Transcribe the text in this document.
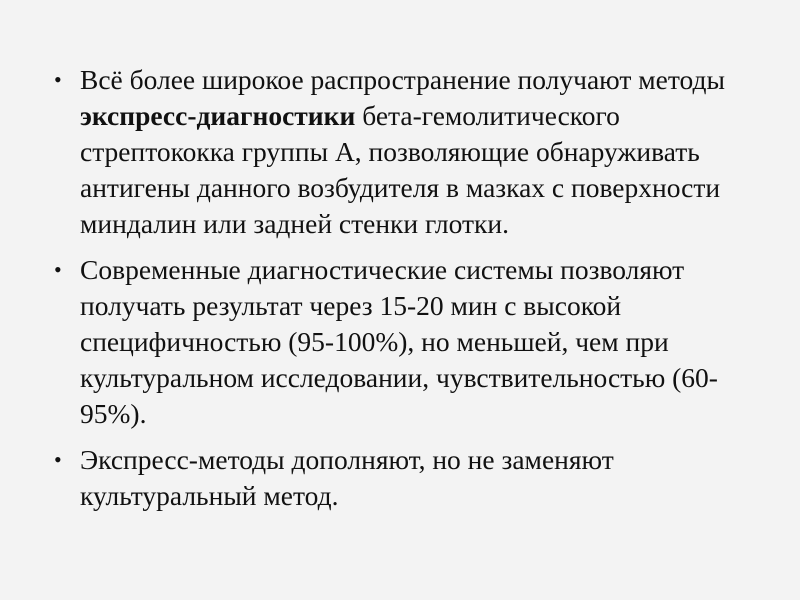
• Всё более широкое распространение получают методы экспресс-диагностики бета-гемолитического стрептококка группы А, позволяющие обнаруживать антигены данного возбудителя в мазках с поверхности миндалин или задней стенки глотки.
• Современные диагностические системы позволяют получать результат через 15-20 мин с высокой специфичностью (95-100%), но меньшей, чем при культуральном исследовании, чувствительностью (60-95%).
• Экспресс-методы дополняют, но не заменяют культуральный метод.
